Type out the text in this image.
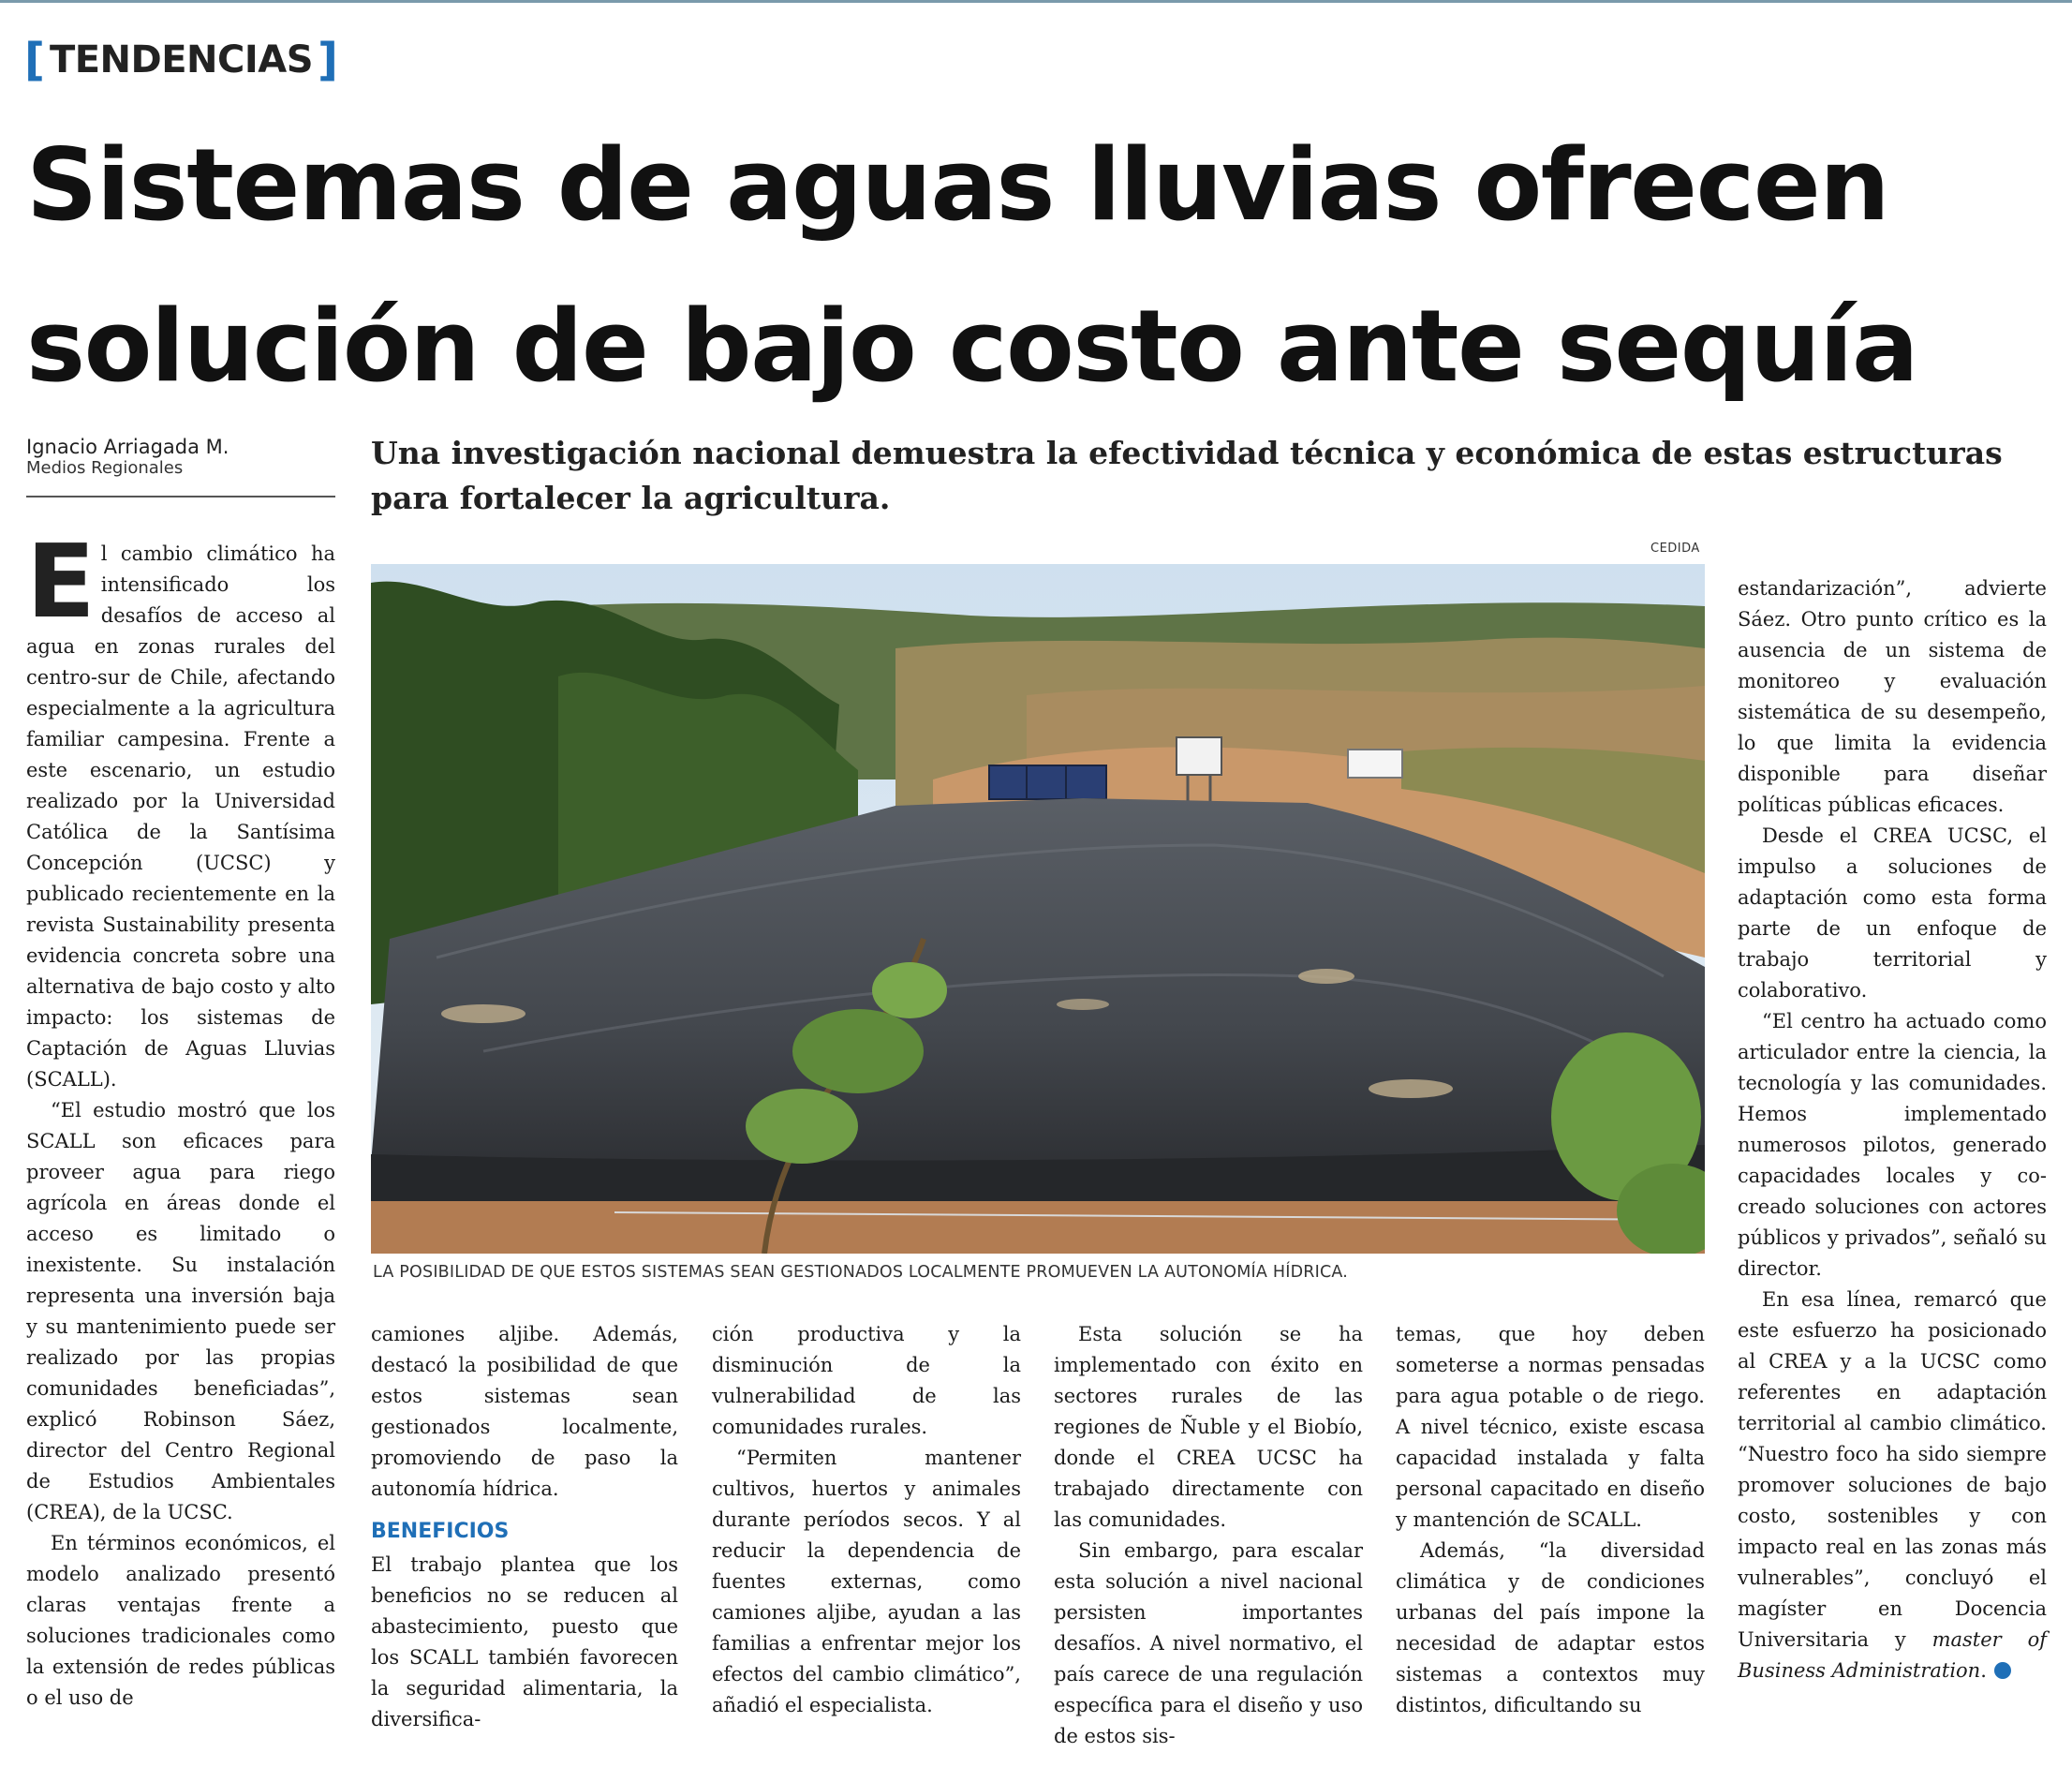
[ TENDENCIAS ]
Sistemas de aguas lluvias ofrecen
solución de bajo costo ante sequía
Ignacio Arriagada M.
Medios Regionales	Una investigación nacional demuestra la efectividad técnica y económica de estas estructuras para fortalecer la agricultura.

CEDIDA
LA POSIBILIDAD DE QUE ESTOS SISTEMAS SEAN GESTIONADOS LOCALMENTE PROMUEVEN LA AUTONOMÍA HÍDRICA.

El cambio climático ha intensificado los desafíos de acceso al agua en zonas rurales del centro-sur de Chile, afectando especialmente a la agricultura familiar campesina. Frente a este escenario, un estudio realizado por la Universidad Católica de la Santísima Concepción (UCSC) y publicado recientemente en la revista Sustainability presenta evidencia concreta sobre una alternativa de bajo costo y alto impacto: los sistemas de Captación de Aguas Lluvias (SCALL).

“El estudio mostró que los SCALL son eficaces para proveer agua para riego agrícola en áreas donde el acceso es limitado o inexistente. Su instalación representa una inversión baja y su mantenimiento puede ser realizado por las propias comunidades beneficiadas”, explicó Robinson Sáez, director del Centro Regional de Estudios Ambientales (CREA), de la UCSC.

En términos económicos, el modelo analizado presentó claras ventajas frente a soluciones tradicionales como la extensión de redes públicas o el uso de

camiones aljibe. Además, destacó la posibilidad de que estos sistemas sean gestionados localmente, promoviendo de paso la autonomía hídrica.

BENEFICIOS

El trabajo plantea que los beneficios no se reducen al abastecimiento, puesto que los SCALL también favorecen la seguridad alimentaria, la diversifica-

ción productiva y la disminución de la vulnerabilidad de las comunidades rurales.

“Permiten mantener cultivos, huertos y animales durante períodos secos. Y al reducir la dependencia de fuentes externas, como camiones aljibe, ayudan a las familias a enfrentar mejor los efectos del cambio climático”, añadió el especialista.

Esta solución se ha implementado con éxito en sectores rurales de las regiones de Ñuble y el Biobío, donde el CREA UCSC ha trabajado directamente con las comunidades.

Sin embargo, para escalar esta solución a nivel nacional persisten importantes desafíos. A nivel normativo, el país carece de una regulación específica para el diseño y uso de estos sis-

temas, que hoy deben someterse a normas pensadas para agua potable o de riego. A nivel técnico, existe escasa capacidad instalada y falta personal capacitado en diseño y mantención de SCALL.

Además, “la diversidad climática y de condiciones urbanas del país impone la necesidad de adaptar estos sistemas a contextos muy distintos, dificultando su

estandarización”, advierte Sáez. Otro punto crítico es la ausencia de un sistema de monitoreo y evaluación sistemática de su desempeño, lo que limita la evidencia disponible para diseñar políticas públicas eficaces.

Desde el CREA UCSC, el impulso a soluciones de adaptación como esta forma parte de un enfoque de trabajo territorial y colaborativo.

“El centro ha actuado como articulador entre la ciencia, la tecnología y las comunidades. Hemos implementado numerosos pilotos, generado capacidades locales y co-creado soluciones con actores públicos y privados”, señaló su director.

En esa línea, remarcó que este esfuerzo ha posicionado al CREA y a la UCSC como referentes en adaptación territorial al cambio climático. “Nuestro foco ha sido siempre promover soluciones de bajo costo, sostenibles y con impacto real en las zonas más vulnerables”, concluyó el magíster en Docencia Universitaria y master of Business Administration.
